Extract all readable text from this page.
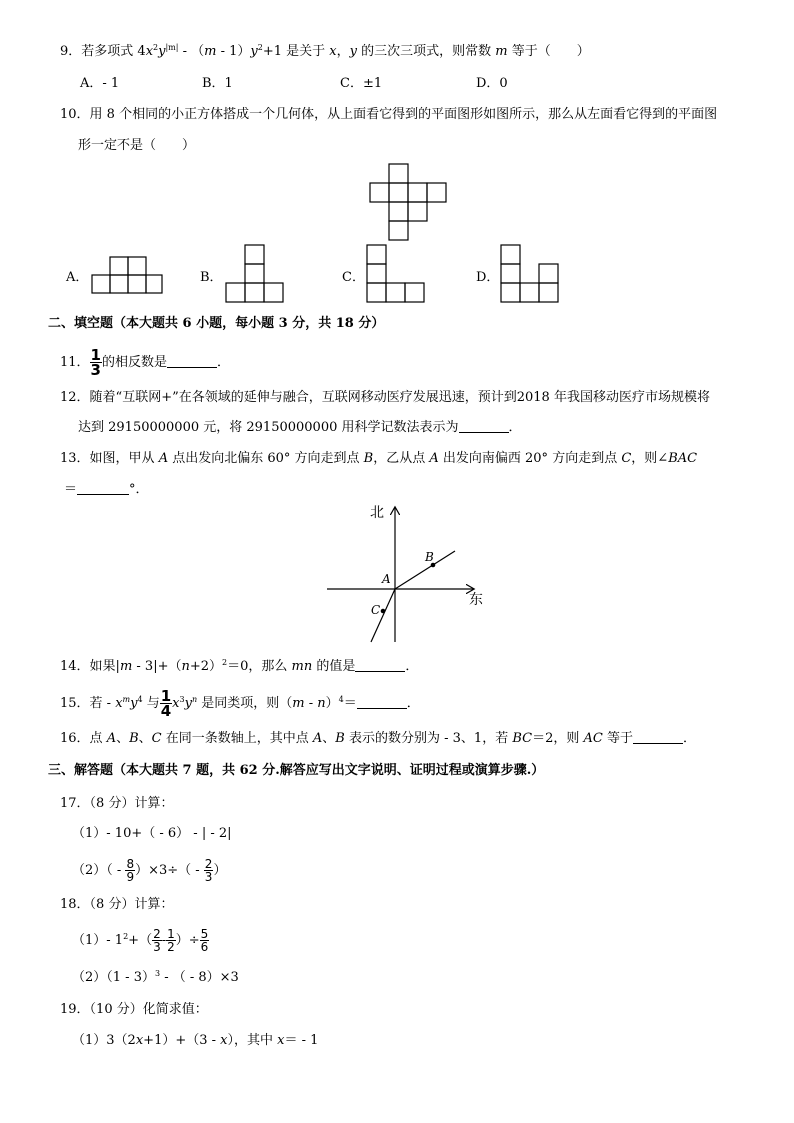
9．若多项式 $4x^2y^{|m|} - (m - 1)y^2+1$ 是关于 x，y 的三次三项式，则常数 m 等于（　　）
A．- 1	B．1	C．±1	D．0
10．用 8 个相同的小正方体搭成一个几何体，从上面看它得到的平面图形如图所示，那么从左面看它得到的平面图
形一定不是（　　）
A．	B．	C．	D．
二、填空题（本大题共 6 小题，每小题 3 分，共 18 分）
11． $\frac{1}{3}$ 的相反数是	．
12．随着“互联网+”在各领域的延伸与融合，互联网移动医疗发展迅速，预计到2018 年我国移动医疗市场规模将
达到 29150000000 元，将 29150000000 用科学记数法表示为	．
13．如图，甲从 A 点出发向北偏东 60° 方向走到点 B，乙从点 A 出发向南偏西 20° 方向走到点 C，则∠BAC
＝	°．
北
东
A
B
C
14．如果$|m - 3|+(n+2)^2=0$，那么 mn 的值是	．
15．若 - $x^my^4$ 与 $\frac{1}{4} x^3y^n$ 是同类项，则（m - n）$^4$＝	．
16．点 A、B、C 在同一条数轴上，其中点 A、B 表示的数分别为 - 3、1，若 BC＝2，则 AC 等于	．
三、解答题（本大题共 7 题，共 62 分.解答应写出文字说明、证明过程或演算步骤.）
17．（8 分）计算：
（1）- 10+（ - 6） - | - 2|
$(2)( - \frac{8}{9} )\times 3\div( - \frac{2}{3}$ ）
18．（8 分）计算：
（1）- $1^2+( \frac{2}{3} - \frac{1}{2}$ ）÷ $\frac{5}{6}$
（2）（1 - 3）$^3$ - （ - 8）×3
19．（10 分）化简求值：
（1）3（2x+1）+（3 - x），其中 x＝ - 1
